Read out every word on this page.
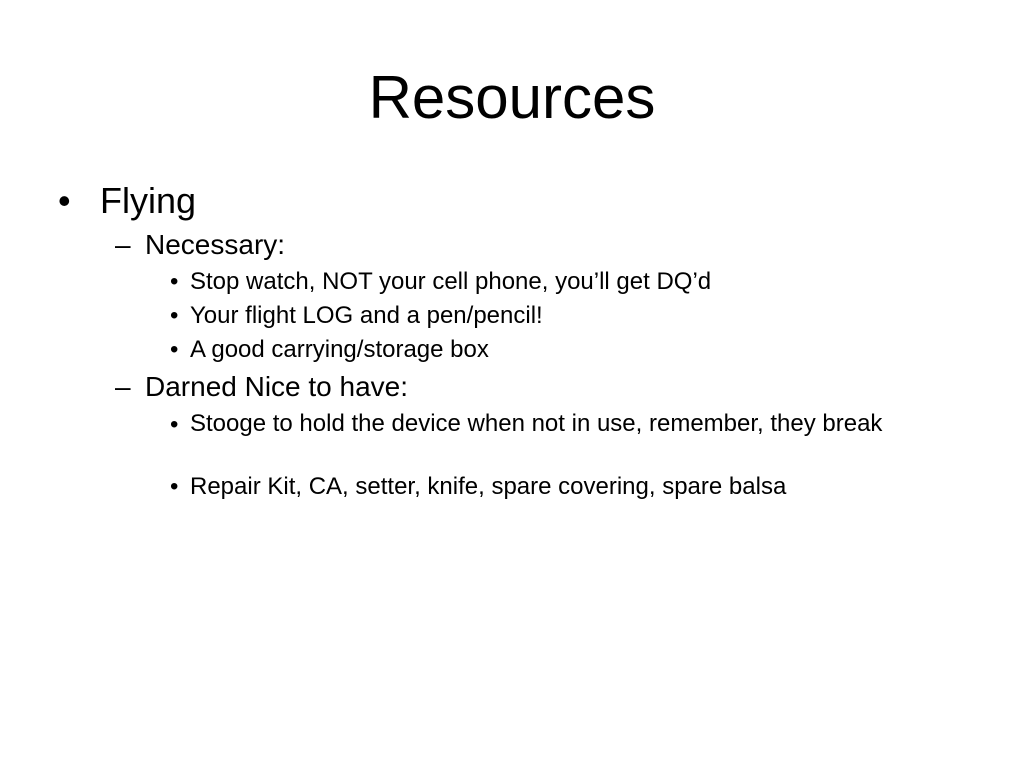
Resources
• Flying
– Necessary:
• Stop watch, NOT your cell phone, you’ll get DQ’d
• Your flight LOG and a pen/pencil!
• A good carrying/storage box
– Darned Nice to have:
• Stooge to hold the device when not in use, remember, they break
• Repair Kit, CA, setter, knife, spare covering, spare balsa
